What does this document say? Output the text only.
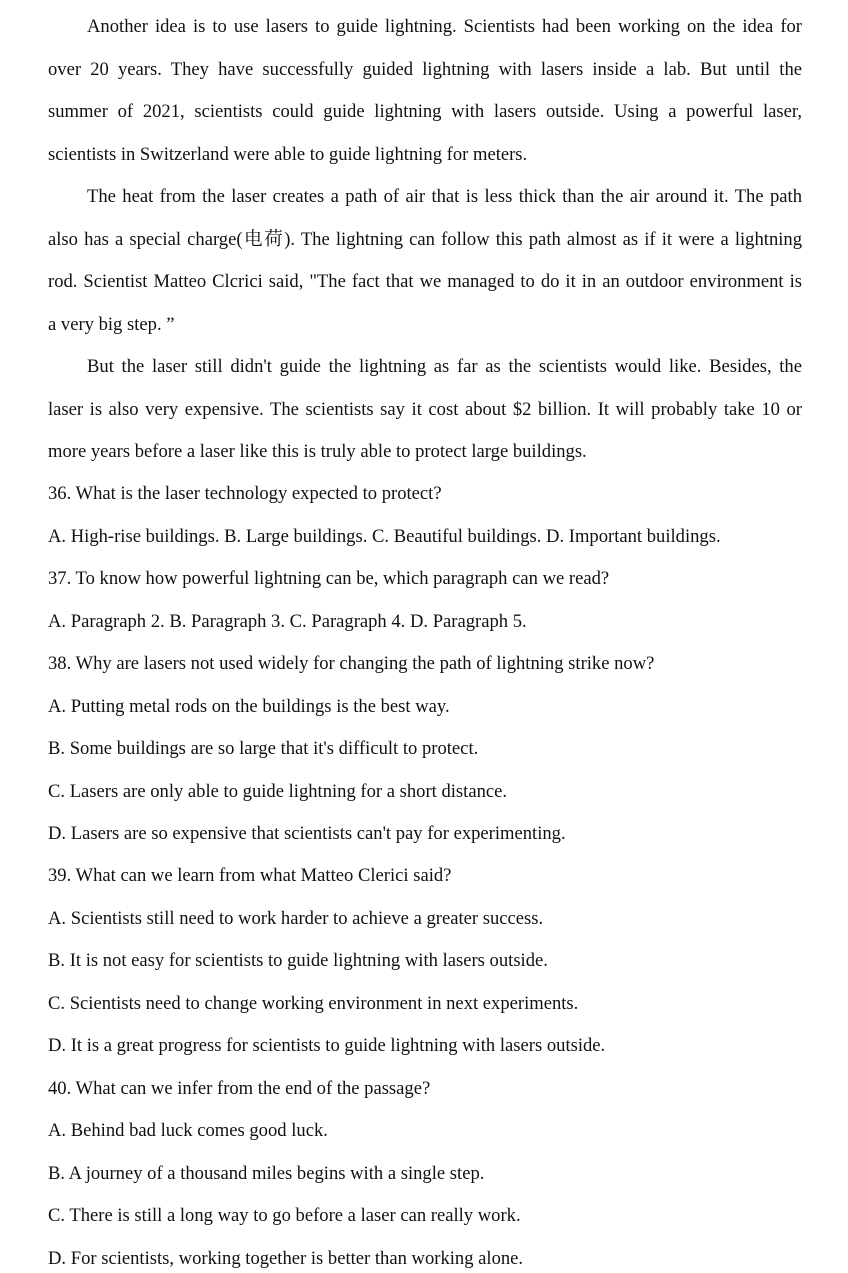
Another idea is to use lasers to guide lightning. Scientists had been working on the idea for

over 20 years. They have successfully guided lightning with lasers inside a lab. But until the

summer of 2021, scientists could guide lightning with lasers outside. Using a powerful laser,

scientists in Switzerland were able to guide lightning for meters.

The heat from the laser creates a path of air that is less thick than the air around it. The path

also has a special charge(电荷). The lightning can follow this path almost as if it were a lightning

rod. Scientist Matteo Clcrici said, "The fact that we managed to do it in an outdoor environment is

a very big step. ”

But the laser still didn't guide the lightning as far as the scientists would like. Besides, the

laser is also very expensive. The scientists say it cost about $2 billion. It will probably take 10 or

more years before a laser like this is truly able to protect large buildings.

36. What is the laser technology expected to protect?

A. High-rise buildings. B. Large buildings. C. Beautiful buildings. D. Important buildings.

37. To know how powerful lightning can be, which paragraph can we read?

A. Paragraph 2. B. Paragraph 3. C. Paragraph 4. D. Paragraph 5.

38. Why are lasers not used widely for changing the path of lightning strike now?

A. Putting metal rods on the buildings is the best way.

B. Some buildings are so large that it's difficult to protect.

C. Lasers are only able to guide lightning for a short distance.

D. Lasers are so expensive that scientists can't pay for experimenting.

39. What can we learn from what Matteo Clerici said?

A. Scientists still need to work harder to achieve a greater success.

B. It is not easy for scientists to guide lightning with lasers outside.

C. Scientists need to change working environment in next experiments.

D. It is a great progress for scientists to guide lightning with lasers outside.

40. What can we infer from the end of the passage?

A. Behind bad luck comes good luck.

B. A journey of a thousand miles begins with a single step.

C. There is still a long way to go before a laser can really work.

D. For scientists, working together is better than working alone.
